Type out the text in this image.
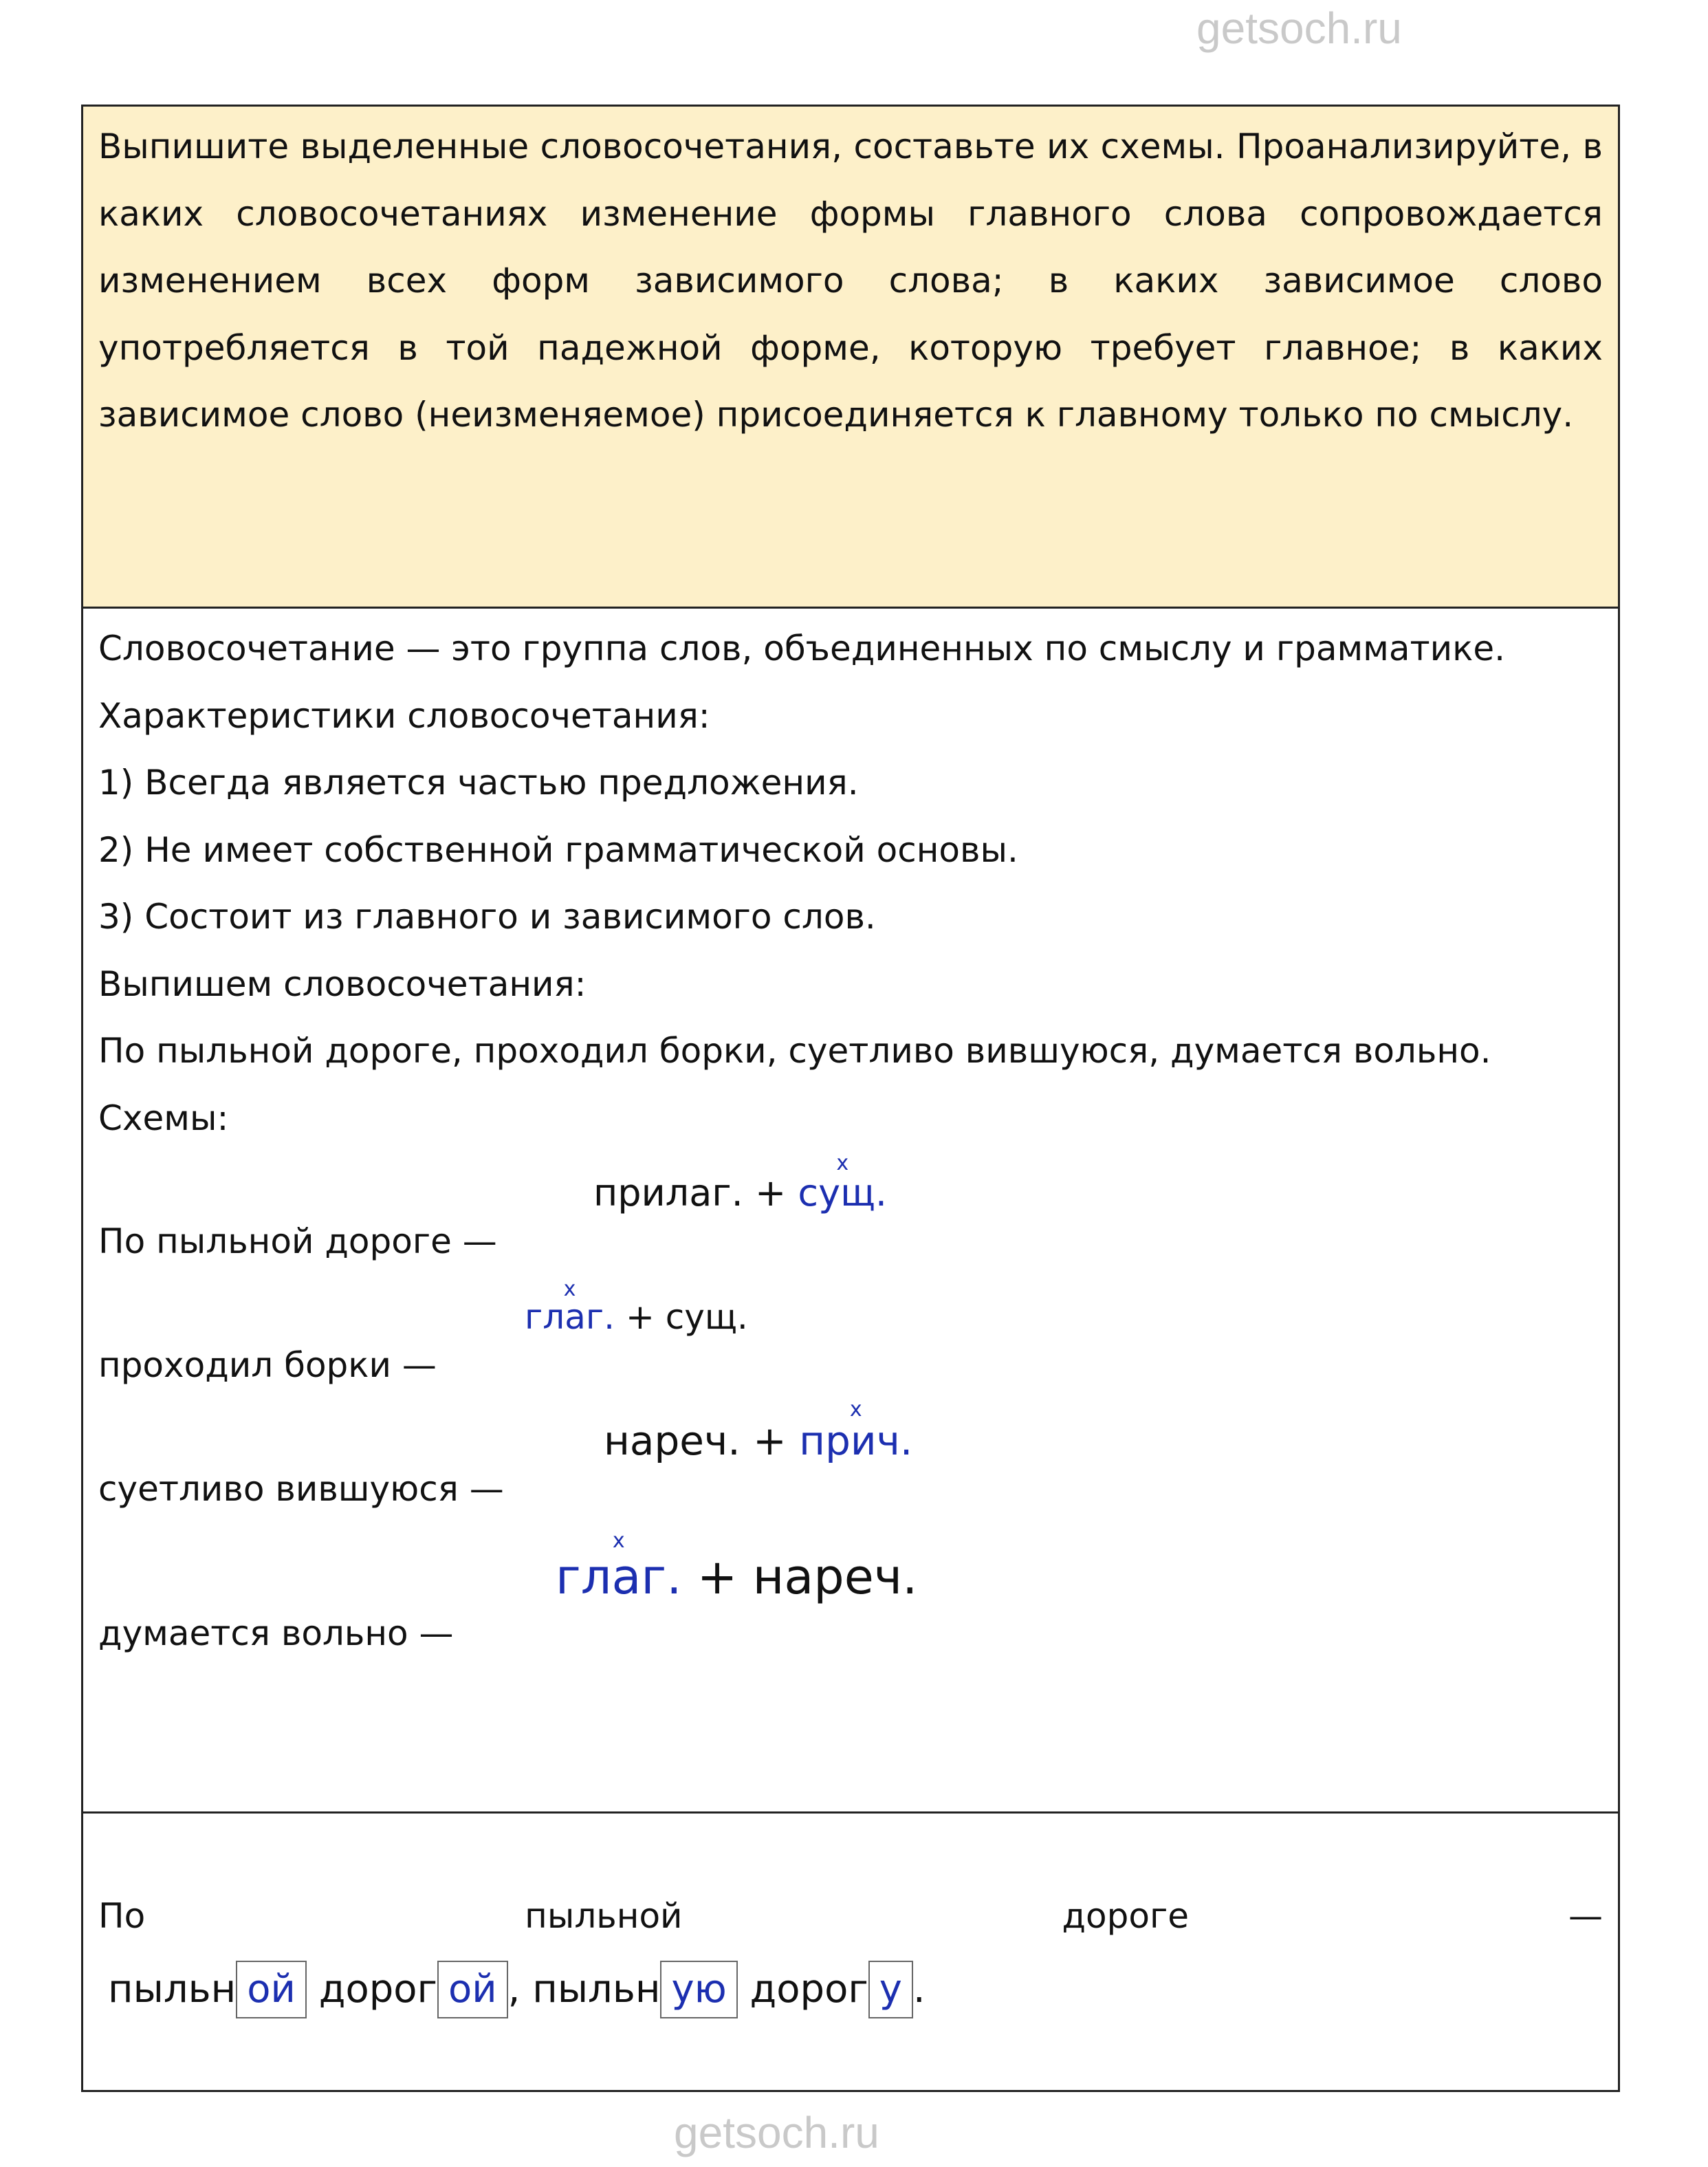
getsoch.ru
getsoch.ru
Выпишите выделенные словосочетания, составьте их схемы. Проанализируйте, в каких словосочетаниях изменение формы главного слова сопровождается изменением всех форм зависимого слова; в каких зависимое слово употребляется в той падежной форме, которую требует главное; в каких зависимое слово (неизменяемое) присоединяется к главному только по смыслу.

Словосочетание — это группа слов, объединенных по смыслу и грамматике.

Характеристики словосочетания:

1) Всегда является частью предложения.

2) Не имеет собственной грамматической основы.

3) Состоит из главного и зависимого слов.

Выпишем словосочетания:

По пыльной дороге, проходил борки, суетливо вившуюся, думается вольно.

Схемы:

По пыльной дороге —
прилаг. + x сущ.
проходил борки —
x глаг. + сущ.
суетливо вившуюся —
нареч. + x прич.
думается вольно —
x глаг. + нареч.
По	пыльной	дороге	—
пыльн ой дорог ой , пыльн ую дорог у .
